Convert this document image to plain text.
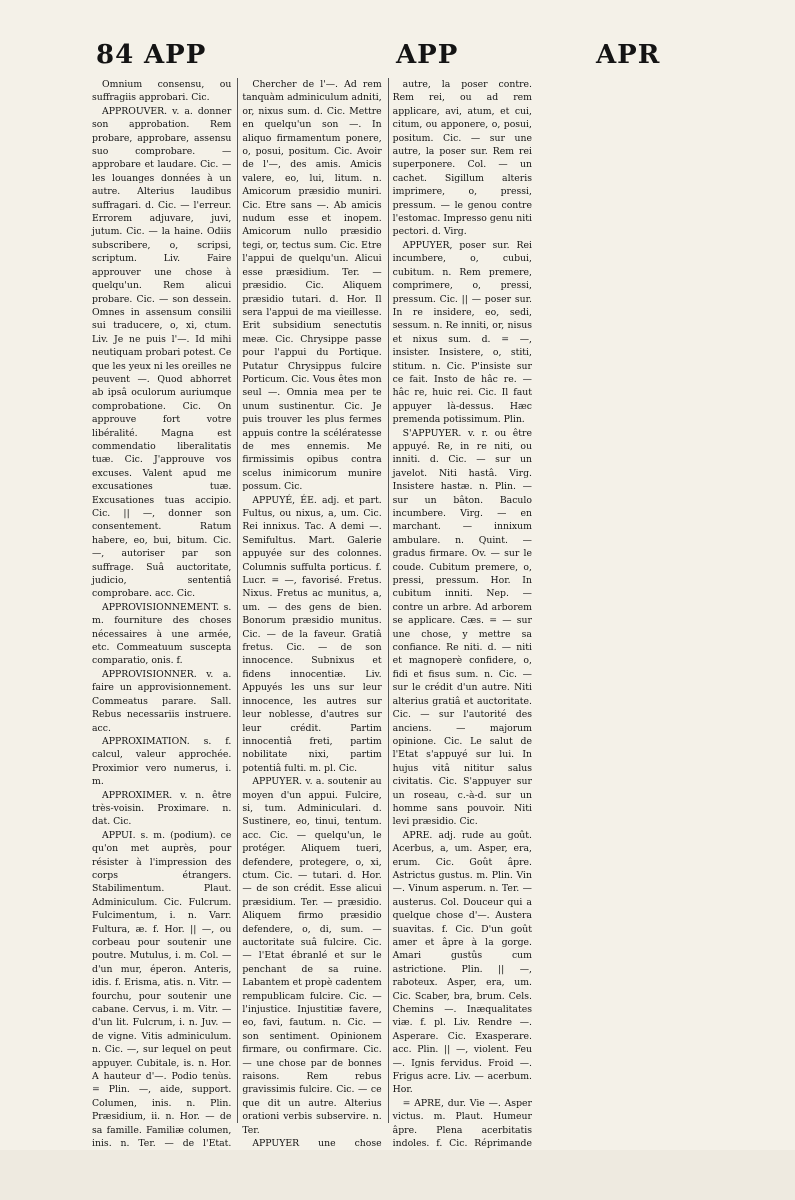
84 APP	APP	APR

Omnium consensu, ou suffragiis approbari. Cic.

APPROUVER. v. a. donner son approbation. Rem probare, approbare, assensu suo comprobare. — approbare et laudare. Cic. — les louanges données à un autre. Alterius laudibus suffragari. d. Cic. — l'erreur. Errorem adjuvare, juvi, jutum. Cic. — la haine. Odiis subscribere, o, scripsi, scriptum. Liv. Faire approuver une chose à quelqu'un. Rem alicui probare. Cic. — son dessein. Omnes in assensum consilii sui traducere, o, xi, ctum. Liv. Je ne puis l'—. Id mihi neutiquam probari potest. Ce que les yeux ni les oreilles ne peuvent —. Quod abhorret ab ipsâ oculorum auriumque comprobatione. Cic. On approuve fort votre libéralité. Magna est commendatio liberalitatis tuæ. Cic. J'approuve vos excuses. Valent apud me excusationes tuæ. Excusationes tuas accipio. Cic. || —, donner son consentement. Ratum habere, eo, bui, bitum. Cic. —, autoriser par son suffrage. Suâ auctoritate, judicio, sententiâ comprobare. acc. Cic.

APPROVISIONNEMENT. s. m. fourniture des choses nécessaires à une armée, etc. Commeatuum suscepta comparatio, onis. f.

APPROVISIONNER. v. a. faire un approvisionnement. Commeatus parare. Sall. Rebus necessariis instruere. acc.

APPROXIMATION. s. f. calcul, valeur approchée. Proximior vero numerus, i. m.

APPROXIMER. v. n. être très-voisin. Proximare. n. dat. Cic.

APPUI. s. m. (podium). ce qu'on met auprès, pour résister à l'impression des corps étrangers. Stabilimentum. Plaut. Adminiculum. Cic. Fulcrum. Fulcimentum, i. n. Varr. Fultura, æ. f. Hor. || —, ou corbeau pour soutenir une poutre. Mutulus, i. m. Col. — d'un mur, éperon. Anteris, idis. f. Erisma, atis. n. Vitr. — fourchu, pour soutenir une cabane. Cervus, i. m. Vitr. — d'un lit. Fulcrum, i. n. Juv. — de vigne. Vitis adminiculum. n. Cic. —, sur lequel on peut appuyer. Cubitale, is. n. Hor. A hauteur d'—. Podio tenùs. = Plin. —, aide, support. Columen, inis. n. Plin. Præsidium, ii. n. Hor. — de sa famille. Familiæ columen, inis. n. Ter. — de l'Etat.

Chercher de l'—. Ad rem tanquàm adminiculum adniti, or, nixus sum. d. Cic. Mettre en quelqu'un son —. In aliquo firmamentum ponere, o, posui, positum. Cic. Avoir de l'—, des amis. Amicis valere, eo, lui, litum. n. Amicorum præsidio muniri. Cic. Etre sans —. Ab amicis nudum esse et inopem. Amicorum nullo præsidio tegi, or, tectus sum. Cic. Etre l'appui de quelqu'un. Alicui esse præsidium. Ter. — præsidio. Cic. Aliquem præsidio tutari. d. Hor. Il sera l'appui de ma vieillesse. Erit subsidium senectutis meæ. Cic. Chrysippe passe pour l'appui du Portique. Putatur Chrysippus fulcire Porticum. Cic. Vous êtes mon seul —. Omnia mea per te unum sustinentur. Cic. Je puis trouver les plus fermes appuis contre la scélératesse de mes ennemis. Me firmissimis opibus contra scelus inimicorum munire possum. Cic.

APPUYÉ, ÉE. adj. et part. Fultus, ou nixus, a, um. Cic. Rei innixus. Tac. A demi —. Semifultus. Mart. Galerie appuyée sur des colonnes. Columnis suffulta porticus. f. Lucr. = —, favorisé. Fretus. Nixus. Fretus ac munitus, a, um. — des gens de bien. Bonorum præsidio munitus. Cic. — de la faveur. Gratiâ fretus. Cic. — de son innocence. Subnixus et fidens innocentiæ. Liv. Appuyés les uns sur leur innocence, les autres sur leur noblesse, d'autres sur leur crédit. Partim innocentiâ freti, partim nobilitate nixi, partim potentiâ fulti. m. pl. Cic.

APPUYER. v. a. soutenir au moyen d'un appui. Fulcire, si, tum. Adminiculari. d. Sustinere, eo, tinui, tentum. acc. Cic. — quelqu'un, le protéger. Aliquem tueri, defendere, protegere, o, xi, ctum. Cic. — tutari. d. Hor. — de son crédit. Esse alicui præsidium. Ter. — præsidio. Aliquem firmo præsidio defendere, o, di, sum. — auctoritate suâ fulcire. Cic. — l'Etat ébranlé et sur le penchant de sa ruine. Labantem et propè cadentem rempublicam fulcire. Cic. — l'injustice. Injustitiæ favere, eo, favi, fautum. n. Cic. — son sentiment. Opinionem firmare, ou confirmare. Cic. — une chose par de bonnes raisons. Rem rebus gravissimis fulcire. Cic. — ce que dit un autre. Alterius orationi verbis subservire. n. Ter.

APPUYER une chose

autre, la poser contre. Rem rei, ou ad rem applicare, avi, atum, et cui, citum, ou apponere, o, posui, positum. Cic. — sur une autre, la poser sur. Rem rei superponere. Col. — un cachet. Sigillum alteris imprimere, o, pressi, pressum. — le genou contre l'estomac. Impresso genu niti pectori. d. Virg.

APPUYER, poser sur. Rei incumbere, o, cubui, cubitum. n. Rem premere, comprimere, o, pressi, pressum. Cic. || — poser sur. In re insidere, eo, sedi, sessum. n. Re inniti, or, nisus et nixus sum. d. = —, insister. Insistere, o, stiti, stitum. n. Cic. P'insiste sur ce fait. Insto de hâc re. — hâc re, huic rei. Cic. Il faut appuyer là-dessus. Hæc premenda potissimum. Plin.

S'APPUYER. v. r. ou être appuyé. Re, in re niti, ou inniti. d. Cic. — sur un javelot. Niti hastâ. Virg. Insistere hastæ. n. Plin. — sur un bâton. Baculo incumbere. Virg. — en marchant. — innixum ambulare. n. Quint. — gradus firmare. Ov. — sur le coude. Cubitum premere, o, pressi, pressum. Hor. In cubitum inniti. Nep. — contre un arbre. Ad arborem se applicare. Cæs. = — sur une chose, y mettre sa confiance. Re niti. d. — niti et magnoperè confidere, o, fidi et fisus sum. n. Cic. — sur le crédit d'un autre. Niti alterius gratiâ et auctoritate. Cic. — sur l'autorité des anciens. — majorum opinione. Cic. Le salut de l'Etat s'appuyé sur lui. In hujus vitâ nititur salus civitatis. Cic. S'appuyer sur un roseau, c.-à-d. sur un homme sans pouvoir. Niti levi præsidio. Cic.

APRE. adj. rude au goût. Acerbus, a, um. Asper, era, erum. Cic. Goût âpre. Astrictus gustus. m. Plin. Vin —. Vinum asperum. n. Ter. — austerus. Col. Douceur qui a quelque chose d'—. Austera suavitas. f. Cic. D'un goût amer et âpre à la gorge. Amari gustûs cum astrictione. Plin. || —, raboteux. Asper, era, um. Cic. Scaber, bra, brum. Cels. Chemins —. Inæqualitates viæ. f. pl. Liv. Rendre —. Asperare. Cic. Exasperare. acc. Plin. || —, violent. Feu —. Ignis fervidus. Froid —. Frigus acre. Liv. — acerbum. Hor.

= APRE, dur. Vie —. Asper victus. m. Plaut. Humeur âpre. Plena acerbitatis indoles. f. Cic. Réprimande
